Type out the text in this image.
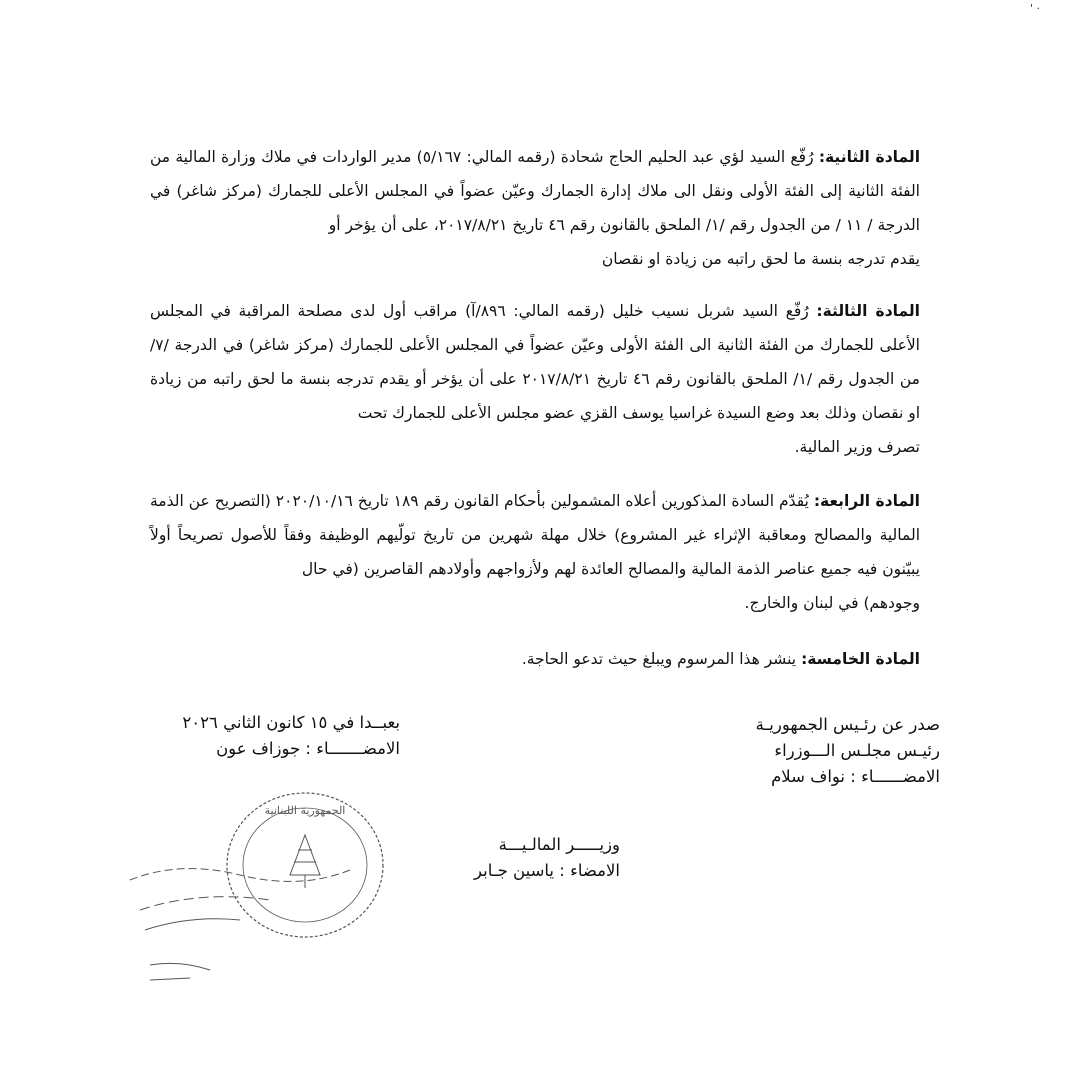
' ·
المادة الثانية: رُفّع السيد لؤي عبد الحليم الحاج شحادة (رقمه المالي: ٥/١٦٧) مدير الواردات في ملاك وزارة المالية من الفئة الثانية إلى الفئة الأولى ونقل الى ملاك إدارة الجمارك وعيّن عضواً في المجلس الأعلى للجمارك (مركز شاغر) في الدرجة / ١١ / من الجدول رقم /١/ الملحق بالقانون رقم ٤٦ تاريخ ٢٠١٧/٨/٢١، على أن يؤخر أو
يقدم تدرجه بنسة ما لحق راتبه من زيادة او نقصان
المادة الثالثة: رُفّع السيد شربل نسيب خليل (رقمه المالي: ٨٩٦/آ) مراقب أول لدى مصلحة المراقبة في المجلس الأعلى للجمارك من الفئة الثانية الى الفئة الأولى وعيّن عضواً في المجلس الأعلى للجمارك (مركز شاغر) في الدرجة /٧/ من الجدول رقم /١/ الملحق بالقانون رقم ٤٦ تاريخ ٢٠١٧/٨/٢١ على أن يؤخر أو يقدم تدرجه بنسة ما لحق راتبه من زيادة او نقصان وذلك بعد وضع السيدة غراسيا يوسف القزي عضو مجلس الأعلى للجمارك تحت
تصرف وزير المالية.
المادة الرابعة: يُقدّم السادة المذكورين أعلاه المشمولين بأحكام القانون رقم ١٨٩ تاريخ ٢٠٢٠/١٠/١٦ (التصريح عن الذمة المالية والمصالح ومعاقبة الإثراء غير المشروع) خلال مهلة شهرين من تاريخ تولّيهم الوظيفة وفقاً للأصول تصريحاً أولاً يبيّنون فيه جميع عناصر الذمة المالية والمصالح العائدة لهم ولأزواجهم وأولادهم القاصرين (في حال
وجودهم) في لبنان والخارج.
المادة الخامسة: ينشر هذا المرسوم ويبلغ حيث تدعو الحاجة.
بعبــدا في ١٥ كانون الثاني ٢٠٢٦
الامضـــــــاء : جوزاف عون
صدر عن رئـيس الجمهوريـة
رئيـس مجلـس الـــوزراء
الامضــــــاء : نواف سلام
وزيـــــر المالـيـــة
الامضاء : ياسين جـابر
الجمهورية اللبنانية
